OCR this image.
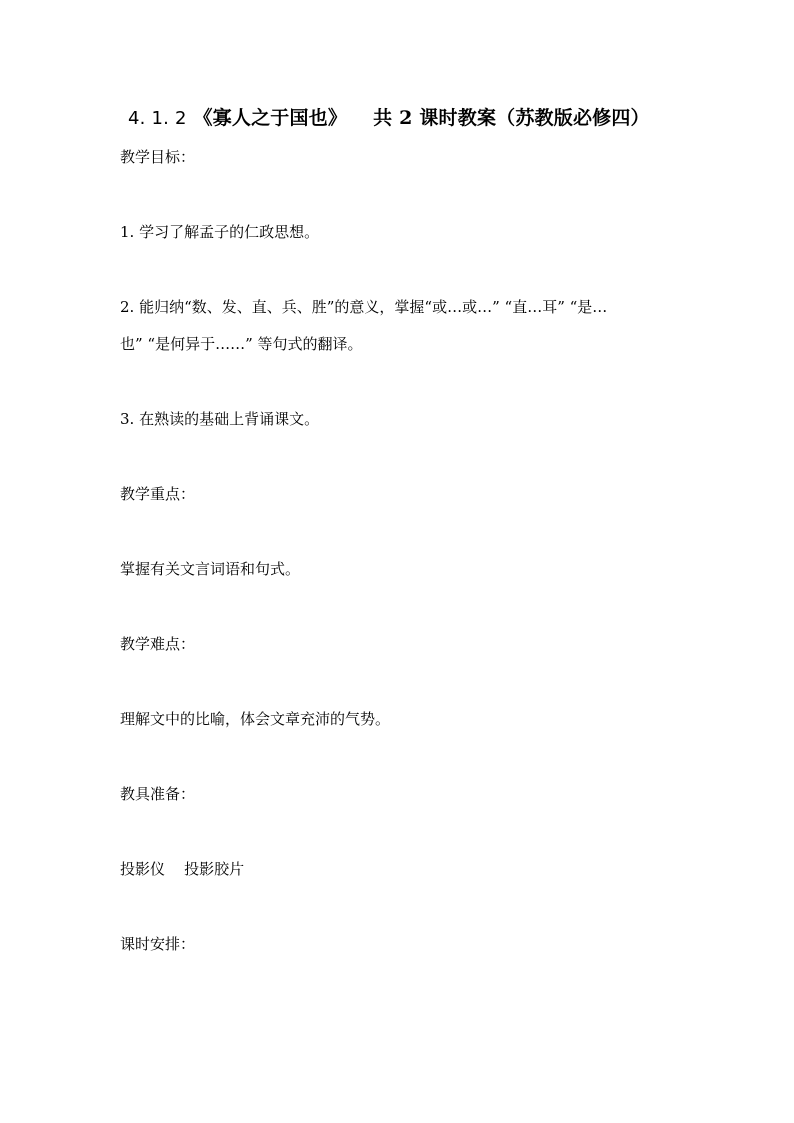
4. 1. 2 《寡人之于国也》 共 2 课时教案（苏教版必修四）
教学目标：
1. 学习了解孟子的仁政思想。
2. 能归纳“数、发、直、兵、胜”的意义，掌握“或…或…” “直…耳” “是…
也” “是何异于……” 等句式的翻译。
3. 在熟读的基础上背诵课文。
教学重点：
掌握有关文言词语和句式。
教学难点：
理解文中的比喻，体会文章充沛的气势。
教具准备：
投影仪    投影胶片
课时安排：
